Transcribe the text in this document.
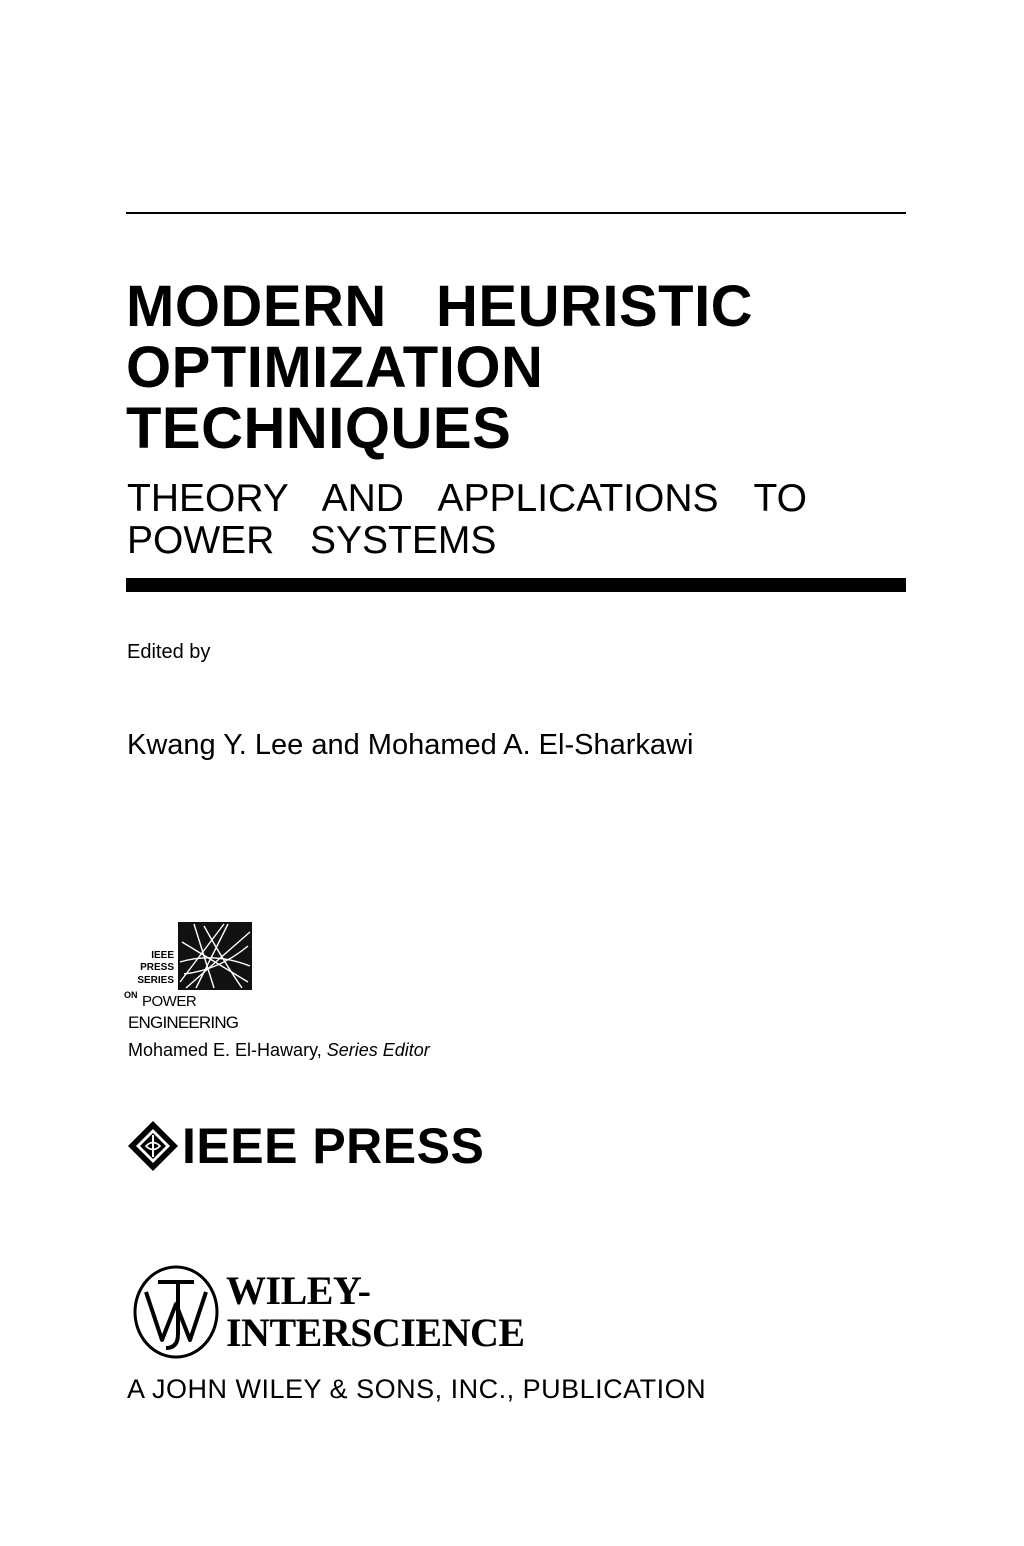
MODERN  HEURISTIC
OPTIMIZATION
TECHNIQUES
THEORY  AND  APPLICATIONS  TO
POWER  SYSTEMS
Edited by
Kwang Y. Lee and Mohamed A. El-Sharkawi
IEEE
PRESS
SERIES
ON POWER
ENGINEERING
Mohamed E. El-Hawary, Series Editor
IEEE PRESS
WILEY-
INTERSCIENCE
A JOHN WILEY & SONS, INC., PUBLICATION
